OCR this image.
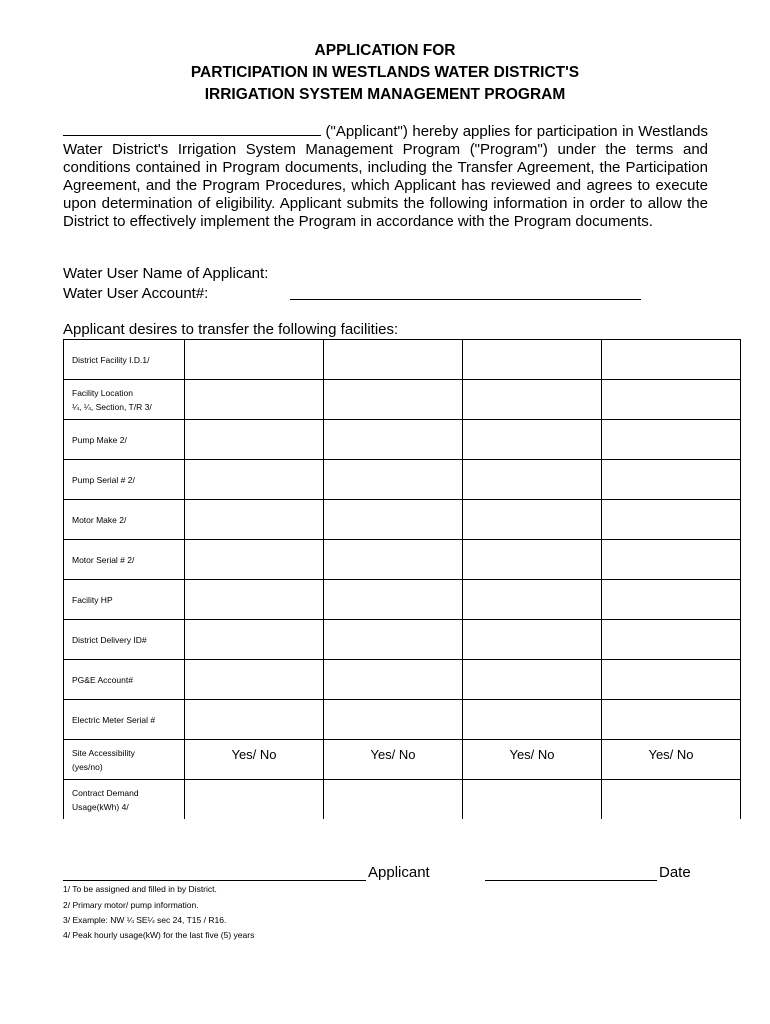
APPLICATION FOR
PARTICIPATION IN WESTLANDS WATER DISTRICT'S
IRRIGATION SYSTEM MANAGEMENT PROGRAM
("Applicant") hereby applies for participation in Westlands Water District's Irrigation System Management Program ("Program") under the terms and conditions contained in Program documents, including the Transfer Agreement, the Participation Agreement, and the Program Procedures, which Applicant has reviewed and agrees to execute upon determination of eligibility. Applicant submits the following information in order to allow the District to effectively implement the Program in accordance with the Program documents.
Water User Name of Applicant:
Water User Account#:
Applicant desires to transfer the following facilities:
District Facility I.D.1/				
Facility Location
¼, ¼, Section, T/R 3/				
Pump Make 2/				
Pump Serial # 2/				
Motor Make 2/				
Motor Serial # 2/				
Facility HP				
District Delivery ID#				
PG&E Account#				
Electric Meter Serial #				
Site Accessibility
(yes/no)	Yes/ No	Yes/ No	Yes/ No	Yes/ No

Contract Demand
Usage(kWh) 4/				
Applicant	Date
1/ To be assigned and filled in by District.
2/ Primary motor/ pump information.
3/ Example: NW ¼ SE¼ sec 24, T15 / R16.
4/ Peak hourly usage(kW) for the last five (5) years
